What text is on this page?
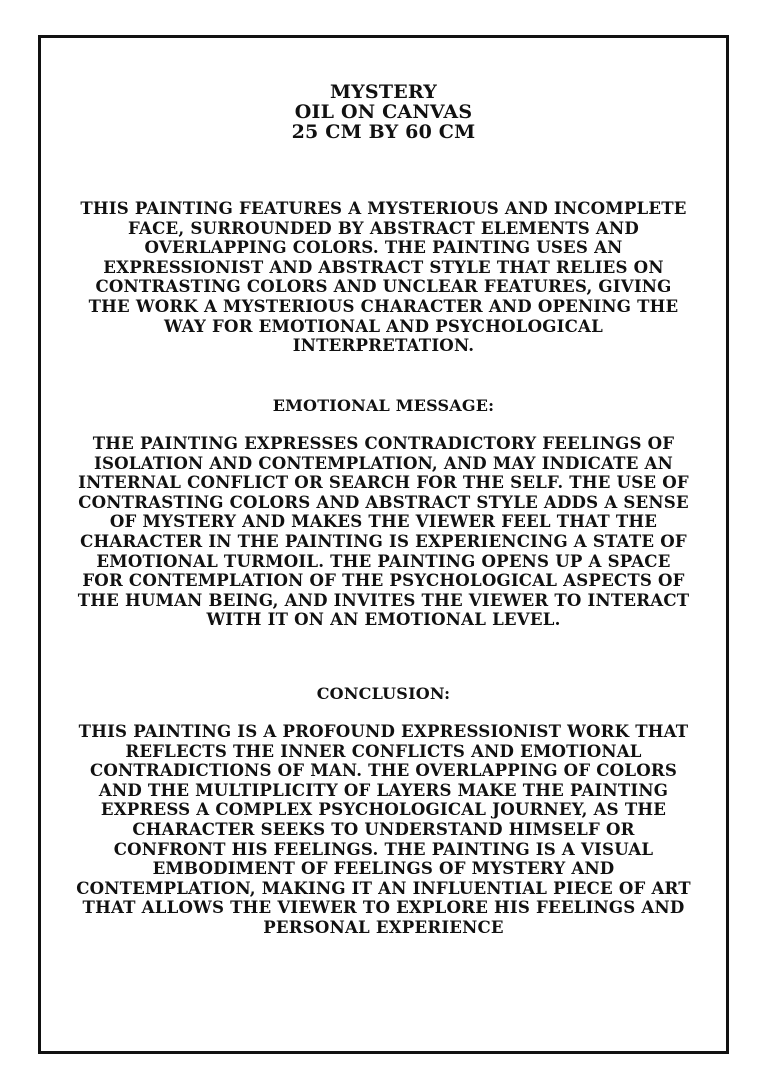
MYSTERY
OIL ON CANVAS
25 CM BY 60 CM

THIS PAINTING FEATURES A MYSTERIOUS AND INCOMPLETE FACE, SURROUNDED BY ABSTRACT ELEMENTS AND OVERLAPPING COLORS. THE PAINTING USES AN EXPRESSIONIST AND ABSTRACT STYLE THAT RELIES ON CONTRASTING COLORS AND UNCLEAR FEATURES, GIVING THE WORK A MYSTERIOUS CHARACTER AND OPENING THE WAY FOR EMOTIONAL AND PSYCHOLOGICAL INTERPRETATION.

EMOTIONAL MESSAGE:

THE PAINTING EXPRESSES CONTRADICTORY FEELINGS OF ISOLATION AND CONTEMPLATION, AND MAY INDICATE AN INTERNAL CONFLICT OR SEARCH FOR THE SELF. THE USE OF CONTRASTING COLORS AND ABSTRACT STYLE ADDS A SENSE OF MYSTERY AND MAKES THE VIEWER FEEL THAT THE CHARACTER IN THE PAINTING IS EXPERIENCING A STATE OF EMOTIONAL TURMOIL. THE PAINTING OPENS UP A SPACE FOR CONTEMPLATION OF THE PSYCHOLOGICAL ASPECTS OF THE HUMAN BEING, AND INVITES THE VIEWER TO INTERACT WITH IT ON AN EMOTIONAL LEVEL.

CONCLUSION:

THIS PAINTING IS A PROFOUND EXPRESSIONIST WORK THAT REFLECTS THE INNER CONFLICTS AND EMOTIONAL CONTRADICTIONS OF MAN. THE OVERLAPPING OF COLORS AND THE MULTIPLICITY OF LAYERS MAKE THE PAINTING EXPRESS A COMPLEX PSYCHOLOGICAL JOURNEY, AS THE CHARACTER SEEKS TO UNDERSTAND HIMSELF OR CONFRONT HIS FEELINGS. THE PAINTING IS A VISUAL EMBODIMENT OF FEELINGS OF MYSTERY AND CONTEMPLATION, MAKING IT AN INFLUENTIAL PIECE OF ART THAT ALLOWS THE VIEWER TO EXPLORE HIS FEELINGS AND PERSONAL EXPERIENCE
